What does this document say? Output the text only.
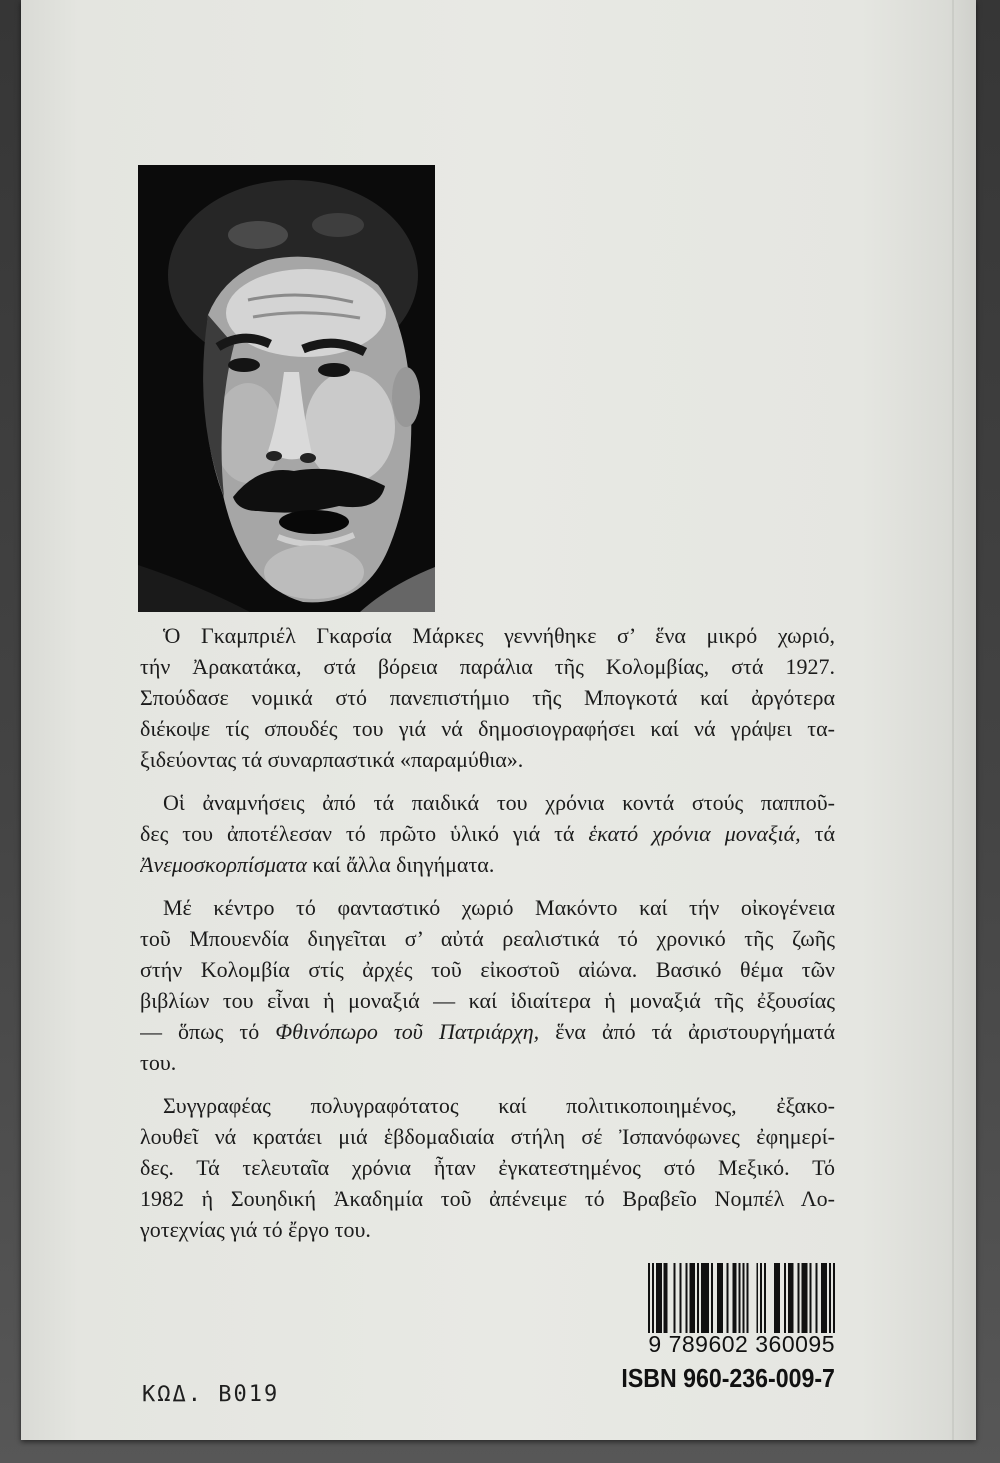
Ὁ Γκαμπριέλ Γκαρσία Μάρκες γεννήθηκε σ’ ἕνα μικρό χωριό,
τήν Ἀρακατάκα, στά βόρεια παράλια τῆς Κολομβίας, στά 1927.
Σπούδασε νομικά στό πανεπιστήμιο τῆς Μπογκοτά καί ἀργότερα
διέκοψε τίς σπουδές του γιά νά δημοσιογραφήσει καί νά γράψει τα-
ξιδεύοντας τά συναρπαστικά «παραμύθια».
Οἱ ἀναμνήσεις ἀπό τά παιδικά του χρόνια κοντά στούς παπποῦ-
δες του ἀποτέλεσαν τό πρῶτο ὑλικό γιά τά ἑκατό χρόνια μοναξιά, τά
Ἀνεμοσκορπίσματα καί ἄλλα διηγήματα.
Μέ κέντρο τό φανταστικό χωριό Μακόντο καί τήν οἰκογένεια
τοῦ Μπουενδία διηγεῖται σ’ αὐτά ρεαλιστικά τό χρονικό τῆς ζωῆς
στήν Κολομβία στίς ἀρχές τοῦ εἰκοστοῦ αἰώνα. Βασικό θέμα τῶν
βιβλίων του εἶναι ἡ μοναξιά — καί ἰδιαίτερα ἡ μοναξιά τῆς ἐξουσίας
— ὅπως τό Φθινόπωρο τοῦ Πατριάρχη, ἕνα ἀπό τά ἀριστουργήματά
του.
Συγγραφέας πολυγραφότατος καί πολιτικοποιημένος, ἐξακο-
λουθεῖ νά κρατάει μιά ἑβδομαδιαία στήλη σέ Ἰσπανόφωνες ἐφημερί-
δες. Τά τελευταῖα χρόνια ἦταν ἐγκατεστημένος στό Μεξικό. Τό
1982 ἡ Σουηδική Ἀκαδημία τοῦ ἀπένειμε τό Βραβεῖο Νομπέλ Λο-
γοτεχνίας γιά τό ἔργο του.
ΚΩΔ. Β019
9 789602 360095
ISBN 960-236-009-7
